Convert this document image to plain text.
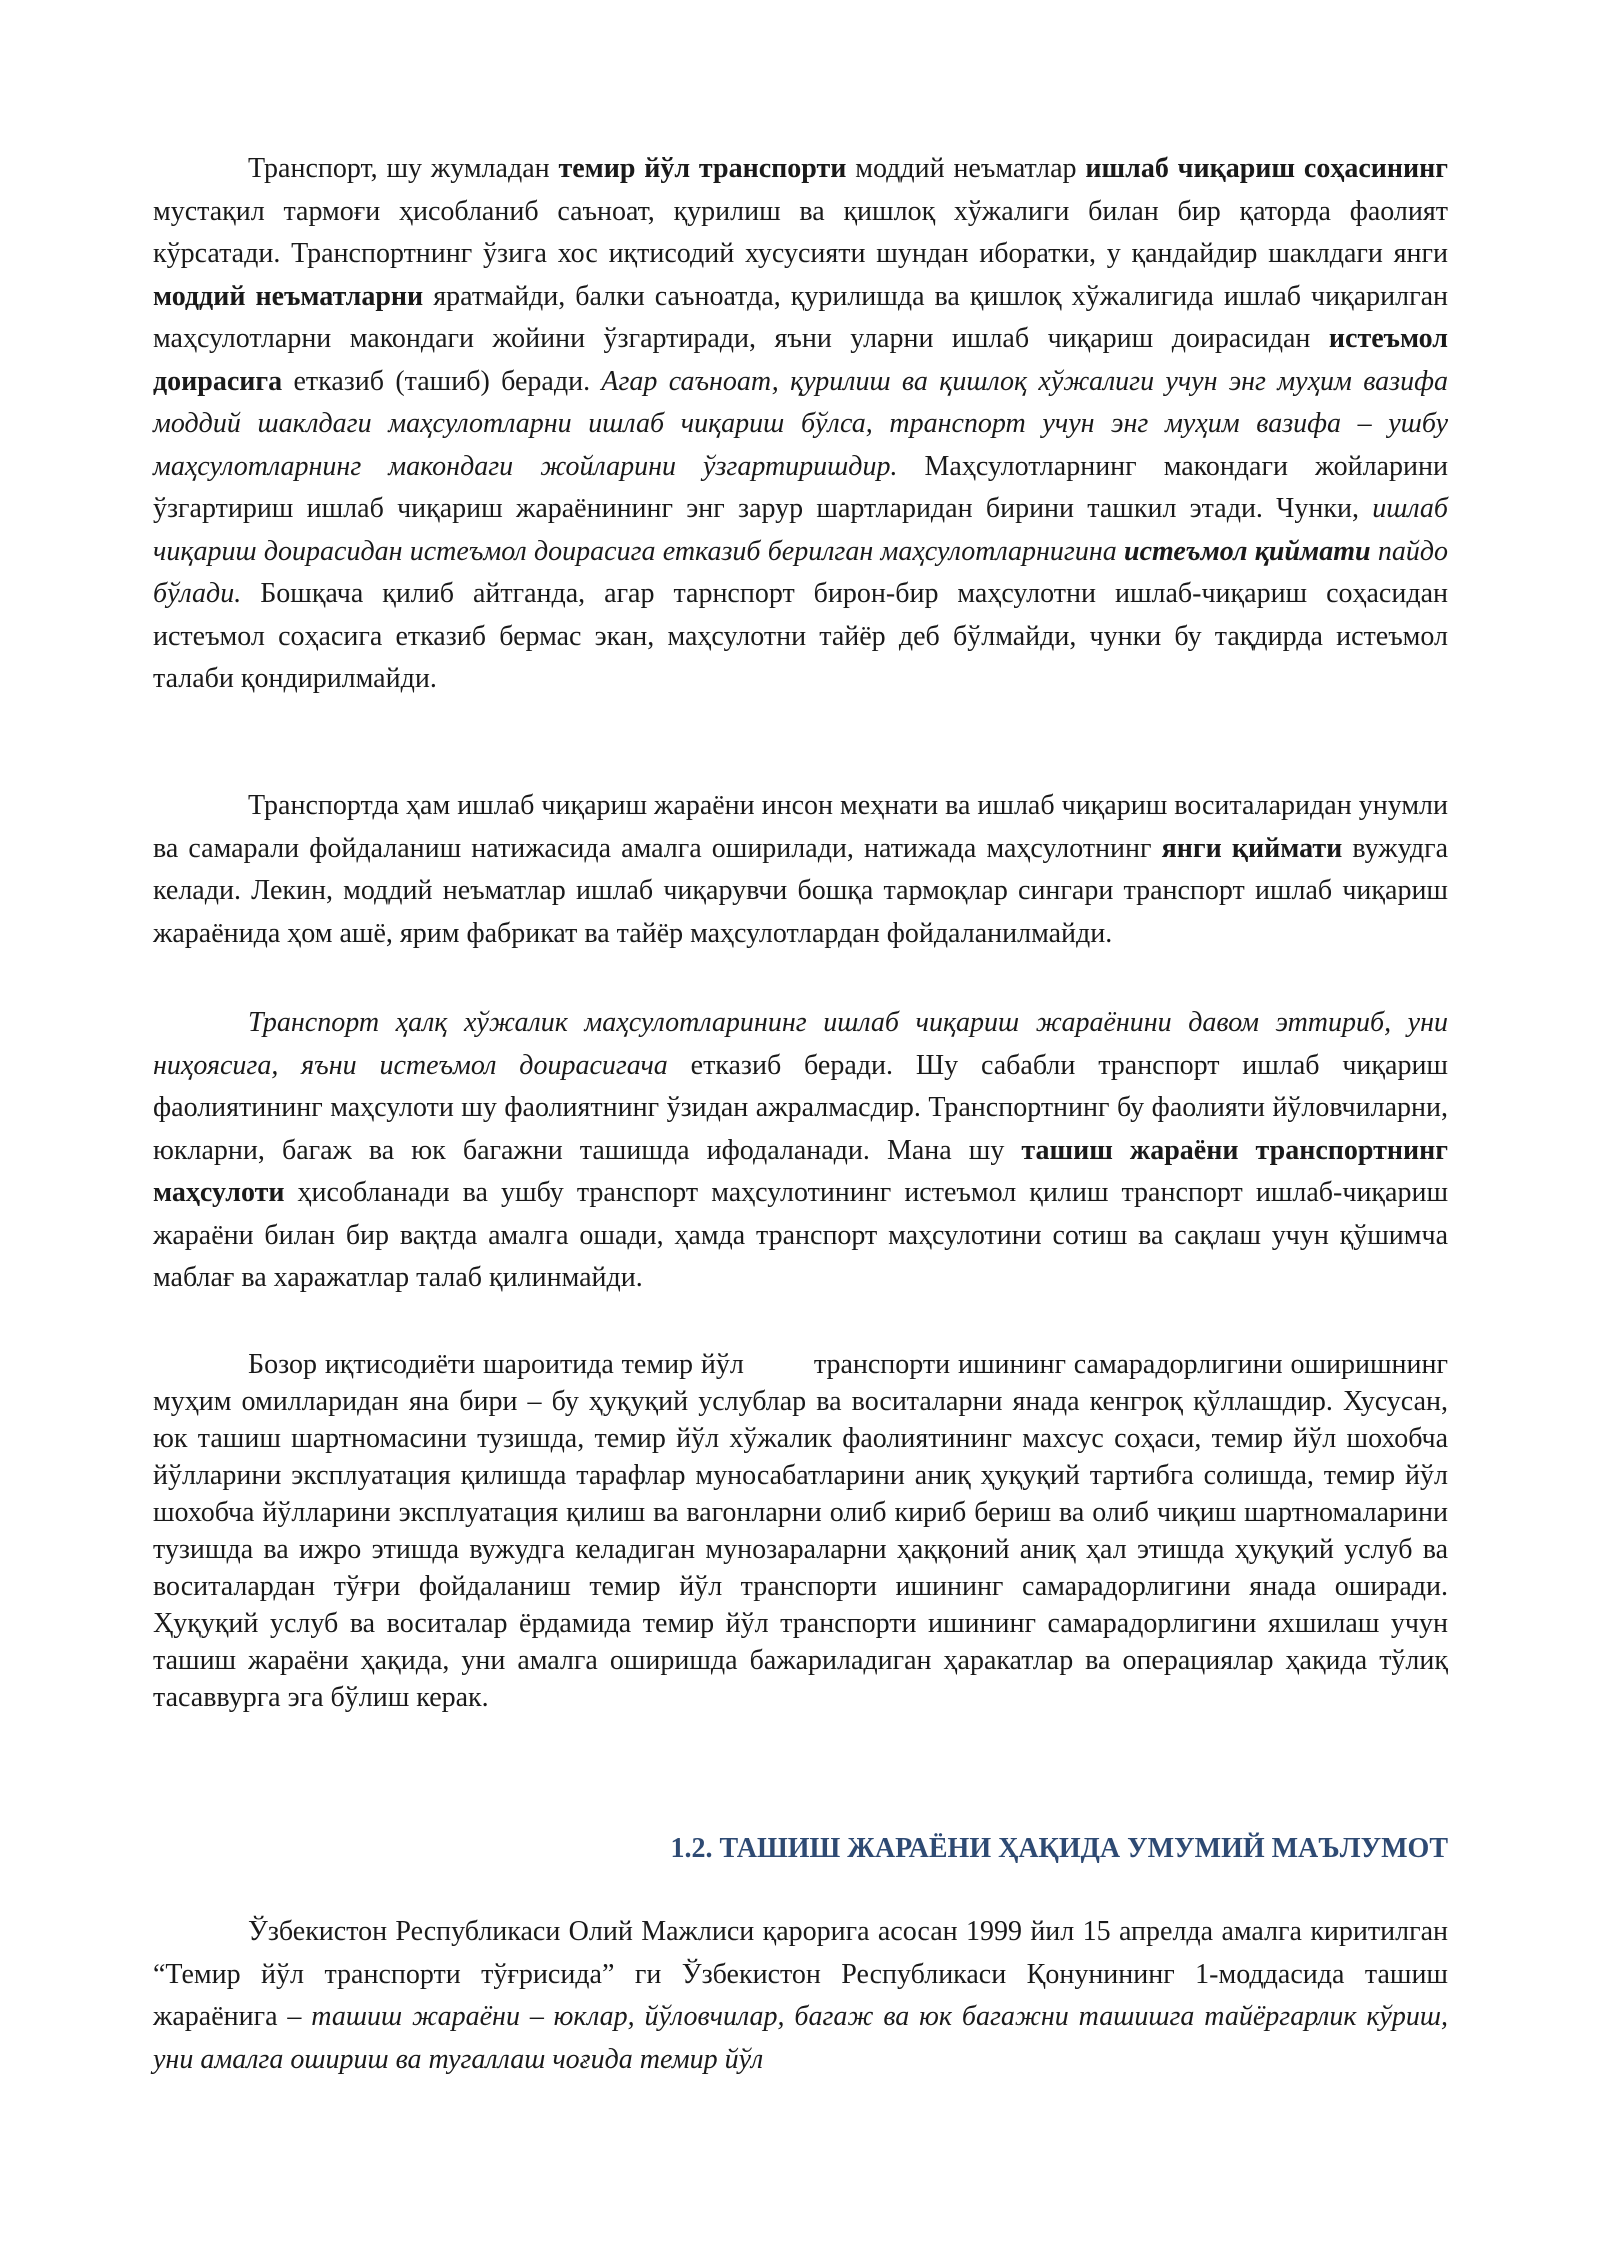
Транспорт, шу жумладан темир йўл транспорти моддий неъматлар ишлаб чиқариш соҳасининг мустақил тармоғи ҳисобланиб саъноат, қурилиш ва қишлоқ хўжалиги билан бир қаторда фаолият кўрсатади. Транспортнинг ўзига хос иқтисодий хусусияти шундан иборатки, у қандайдир шаклдаги янги моддий неъматларни яратмайди, балки саъноатда, қурилишда ва қишлоқ хўжалигида ишлаб чиқарилган маҳсулотларни макондаги жойини ўзгартиради, яъни уларни ишлаб чиқариш доирасидан истеъмол доирасига етказиб (ташиб) беради. Агар саъноат, қурилиш ва қишлоқ хўжалиги учун энг муҳим вазифа моддий шаклдаги маҳсулотларни ишлаб чиқариш бўлса, транспорт учун энг муҳим вазифа – ушбу маҳсулотларнинг макондаги жойларини ўзгартиришдир. Маҳсулотларнинг макондаги жойларини ўзгартириш ишлаб чиқариш жараёнининг энг зарур шартларидан бирини ташкил этади. Чунки, ишлаб чиқариш доирасидан истеъмол доирасига етказиб берилган маҳсулотларнигина истеъмол қиймати пайдо бўлади. Бошқача қилиб айтганда, агар тарнспорт бирон-бир маҳсулотни ишлаб-чиқариш соҳасидан истеъмол соҳасига етказиб бермас экан, маҳсулотни тайёр деб бўлмайди, чунки бу тақдирда истеъмол талаби қондирилмайди.

Транспортда ҳам ишлаб чиқариш жараёни инсон меҳнати ва ишлаб чиқариш воситаларидан унумли ва самарали фойдаланиш натижасида амалга оширилади, натижада маҳсулотнинг янги қиймати вужудга келади. Лекин, моддий неъматлар ишлаб чиқарувчи бошқа тармоқлар сингари транспорт ишлаб чиқариш жараёнида ҳом ашё, ярим фабрикат ва тайёр маҳсулотлардан фойдаланилмайди.

Транспорт ҳалқ хўжалик маҳсулотларининг ишлаб чиқариш жараёнини давом эттириб, уни ниҳоясига, яъни истеъмол доирасигача етказиб беради. Шу сабабли транспорт ишлаб чиқариш фаолиятининг маҳсулоти шу фаолиятнинг ўзидан ажралмасдир. Транспортнинг бу фаолияти йўловчиларни, юкларни, багаж ва юк багажни ташишда ифодаланади. Мана шу ташиш жараёни транспортнинг маҳсулоти ҳисобланади ва ушбу транспорт маҳсулотининг истеъмол қилиш транспорт ишлаб-чиқариш жараёни билан бир вақтда амалга ошади, ҳамда транспорт маҳсулотини сотиш ва сақлаш учун қўшимча маблағ ва харажатлар талаб қилинмайди.

Бозор иқтисодиёти шароитида темир йўл	транспорти ишининг самарадорлигини оширишнинг муҳим омилларидан яна бири – бу ҳуқуқий услублар ва воситаларни янада кенгроқ қўллашдир. Хусусан, юк ташиш шартномасини тузишда, темир йўл хўжалик фаолиятининг махсус соҳаси, темир йўл шохобча йўлларини эксплуатация қилишда тарафлар муносабатларини аниқ ҳуқуқий тартибга солишда, темир йўл шохобча йўлларини эксплуатация қилиш ва вагонларни олиб кириб бериш ва олиб чиқиш шартномаларини тузишда ва ижро этишда вужудга келадиган мунозараларни ҳаққоний аниқ ҳал этишда ҳуқуқий услуб ва воситалардан тўғри фойдаланиш темир йўл транспорти ишининг самарадорлигини янада оширади. Ҳуқуқий услуб ва воситалар ёрдамида темир йўл транспорти ишининг самарадорлигини яхшилаш учун ташиш жараёни ҳақида, уни амалга оширишда бажариладиган ҳаракатлар ва операциялар ҳақида тўлиқ тасаввурга эга бўлиш керак.

1.2. ТАШИШ ЖАРАЁНИ ҲАҚИДА УМУМИЙ МАЪЛУМОТ

Ўзбекистон Республикаси Олий Мажлиси қарорига асосан 1999 йил 15 апрелда амалга киритилган “Темир йўл транспорти тўғрисида” ги Ўзбекистон Республикаси Қонунининг 1-моддасида ташиш жараёнига – ташиш жараёни – юклар, йўловчилар, багаж ва юк багажни ташишга тайёргарлик кўриш, уни амалга ошириш ва тугаллаш чоғида темир йўл
